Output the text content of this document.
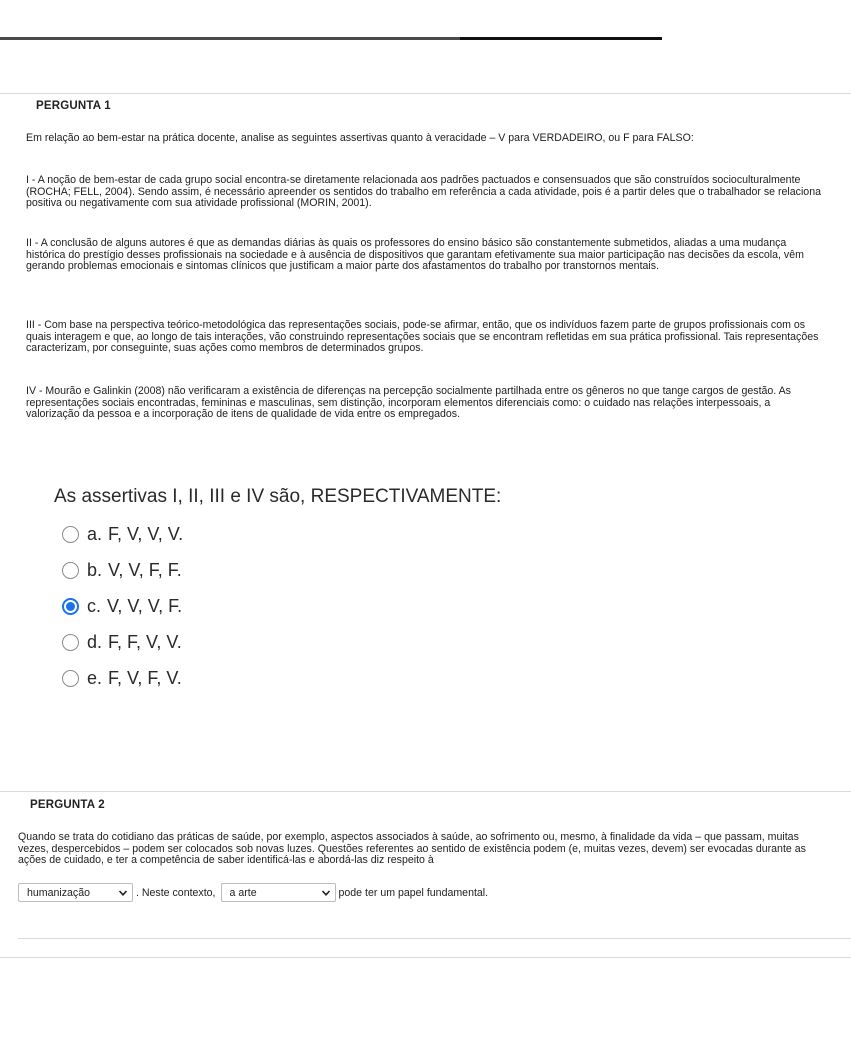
PERGUNTA 1

Em relação ao bem-estar na prática docente, analise as seguintes assertivas quanto à veracidade – V para VERDADEIRO, ou F para FALSO:

I - A noção de bem-estar de cada grupo social encontra-se diretamente relacionada aos padrões pactuados e consensuados que são construídos socioculturalmente (ROCHA; FELL, 2004). Sendo assim, é necessário apreender os sentidos do trabalho em referência a cada atividade, pois é a partir deles que o trabalhador se relaciona positiva ou negativamente com sua atividade profissional (MORIN, 2001).

II - A conclusão de alguns autores é que as demandas diárias às quais os professores do ensino básico são constantemente submetidos, aliadas a uma mudança histórica do prestígio desses profissionais na sociedade e à ausência de dispositivos que garantam efetivamente sua maior participação nas decisões da escola, vêm gerando problemas emocionais e sintomas clínicos que justificam a maior parte dos afastamentos do trabalho por transtornos mentais.

III - Com base na perspectiva teórico-metodológica das representações sociais, pode-se afirmar, então, que os indivíduos fazem parte de grupos profissionais com os quais interagem e que, ao longo de tais interações, vão construindo representações sociais que se encontram refletidas em sua prática profissional. Tais representações caracterizam, por conseguinte, suas ações como membros de determinados grupos.

IV - Mourão e Galinkin (2008) não verificaram a existência de diferenças na percepção socialmente partilhada entre os gêneros no que tange cargos de gestão. As representações sociais encontradas, femininas e masculinas, sem distinção, incorporam elementos diferenciais como: o cuidado nas relações interpessoais, a valorização da pessoa e a incorporação de itens de qualidade de vida entre os empregados.

As assertivas I, II, III e IV são, RESPECTIVAMENTE:

a. F, V, V, V.
b. V, V, F, F.
c. V, V, V, F.
d. F, F, V, V.
e. F, V, F, V.
PERGUNTA 2

Quando se trata do cotidiano das práticas de saúde, por exemplo, aspectos associados à saúde, ao sofrimento ou, mesmo, à finalidade da vida – que passam, muitas vezes, despercebidos – podem ser colocados sob novas luzes. Questões referentes ao sentido de existência podem (e, muitas vezes, devem) ser evocadas durante as ações de cuidado, e ter a competência de saber identificá-las e abordá-las diz respeito à

humanização	. Neste contexto, a arte	pode ter um papel fundamental.
